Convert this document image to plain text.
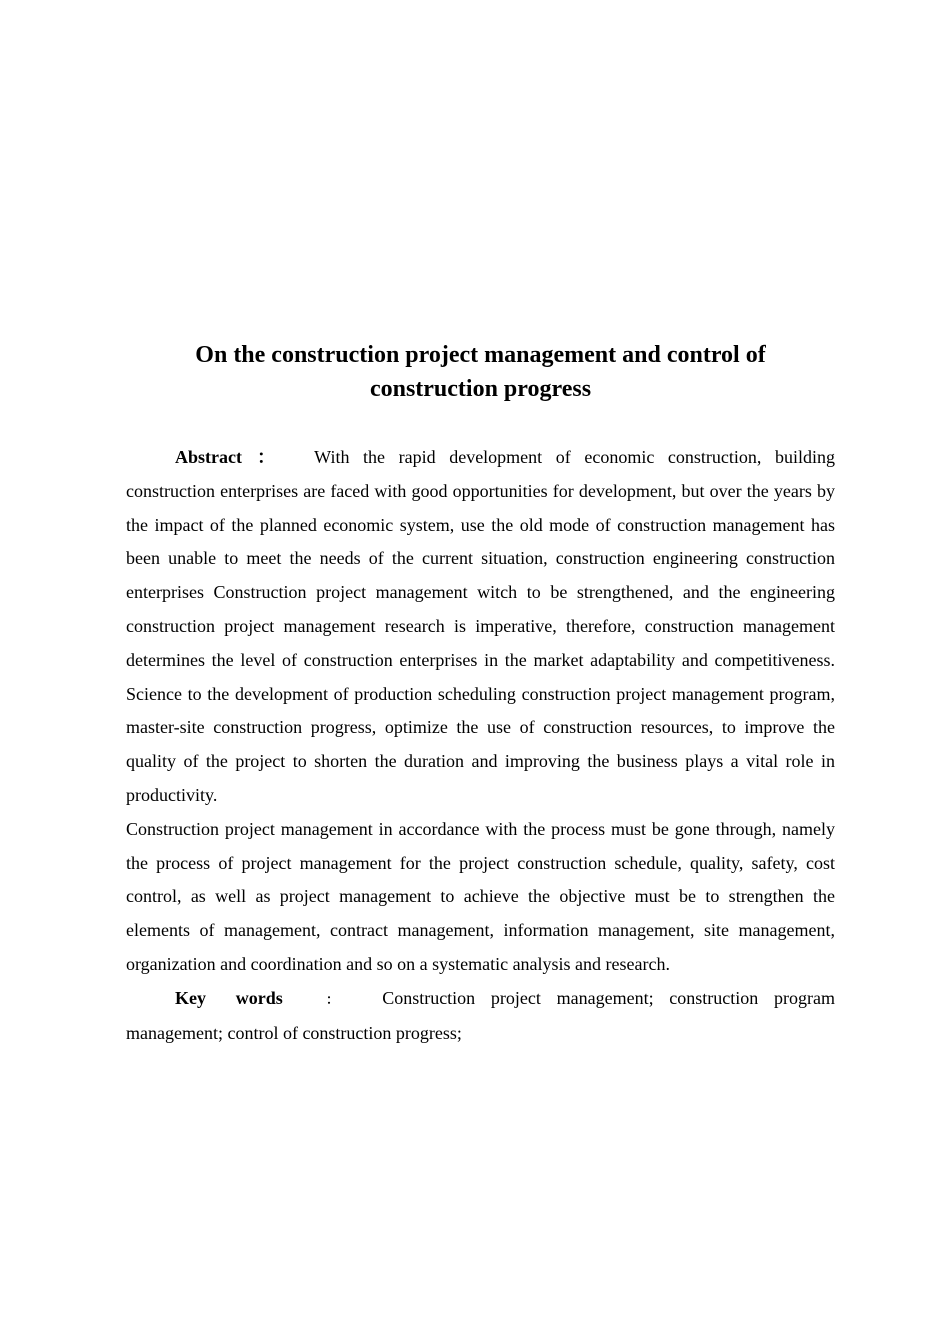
On the construction project management and control of
construction progress

Abstract ： With the rapid development of economic construction, building construction enterprises are faced with good opportunities for development, but over the years by the impact of the planned economic system, use the old mode of construction management has been unable to meet the needs of the current situation, construction engineering construction enterprises Construction project management witch to be strengthened, and the engineering construction project management research is imperative, therefore, construction management determines the level of construction enterprises in the market adaptability and competitiveness. Science to the development of production scheduling construction project management program, master-site construction progress, optimize the use of construction resources, to improve the quality of the project to shorten the duration and improving the business plays a vital role in productivity.

Construction project management in accordance with the process must be gone through, namely the process of project management for the project construction schedule, quality, safety, cost control, as well as project management to achieve the objective must be to strengthen the elements of management, contract management, information management, site management, organization and coordination and so on a systematic analysis and research.

Key words ： Construction project management; construction program management; control of construction progress;
